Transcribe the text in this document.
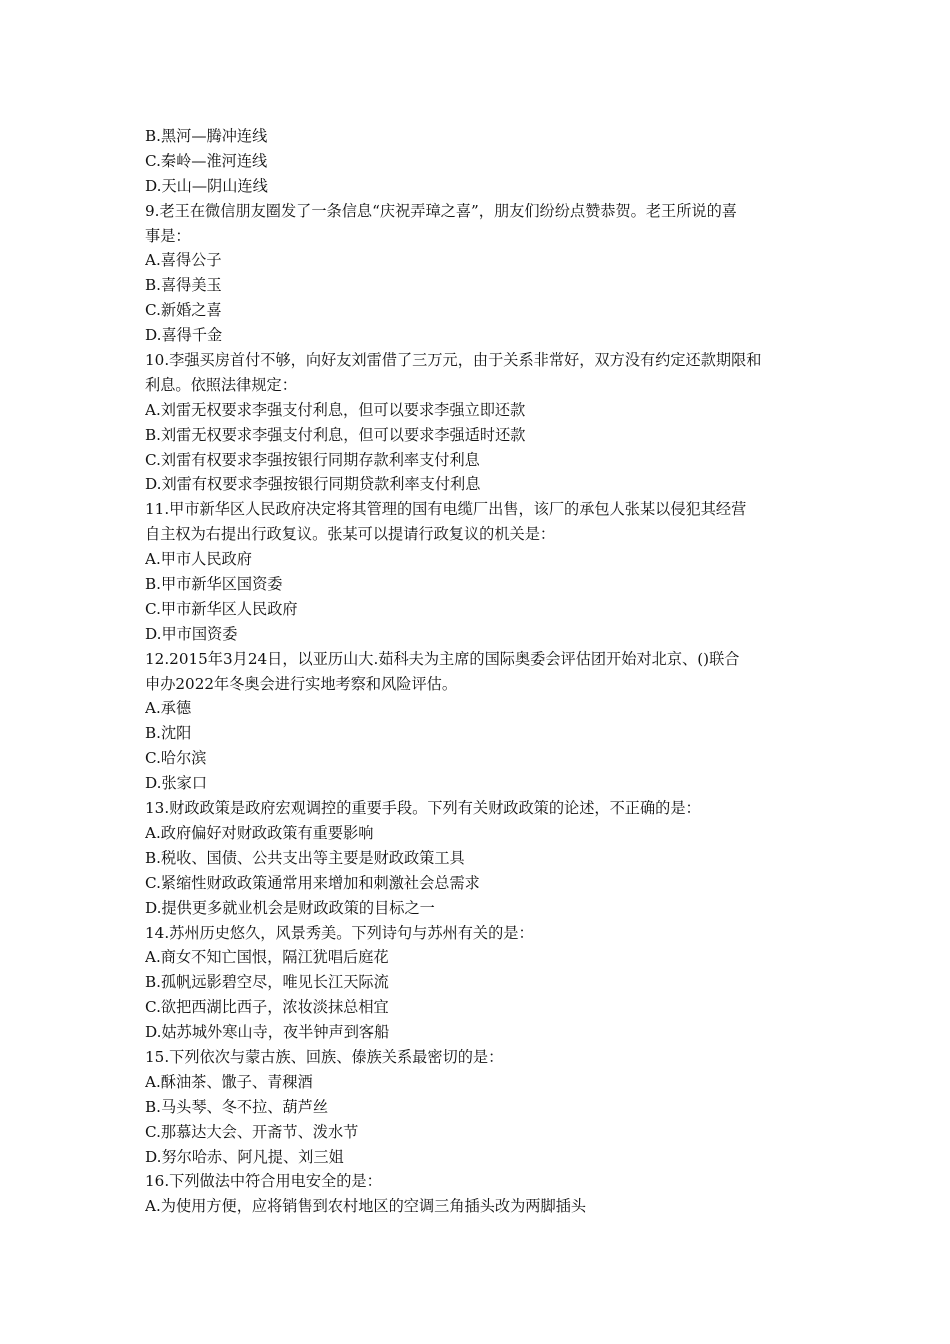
B.黑河—腾冲连线
C.秦岭—淮河连线
D.天山—阴山连线
9.老王在微信朋友圈发了一条信息“庆祝弄璋之喜”，朋友们纷纷点赞恭贺。老王所说的喜
事是：
A.喜得公子
B.喜得美玉
C.新婚之喜
D.喜得千金
10.李强买房首付不够，向好友刘雷借了三万元，由于关系非常好，双方没有约定还款期限和
利息。依照法律规定：
A.刘雷无权要求李强支付利息，但可以要求李强立即还款
B.刘雷无权要求李强支付利息，但可以要求李强适时还款
C.刘雷有权要求李强按银行同期存款利率支付利息
D.刘雷有权要求李强按银行同期贷款利率支付利息
11.甲市新华区人民政府决定将其管理的国有电缆厂出售，该厂的承包人张某以侵犯其经营
自主权为右提出行政复议。张某可以提请行政复议的机关是：
A.甲市人民政府
B.甲市新华区国资委
C.甲市新华区人民政府
D.甲市国资委
12.2015年3月24日，以亚历山大.茹科夫为主席的国际奥委会评估团开始对北京、()联合
申办2022年冬奥会进行实地考察和风险评估。
A.承德
B.沈阳
C.哈尔滨
D.张家口
13.财政政策是政府宏观调控的重要手段。下列有关财政政策的论述，不正确的是：
A.政府偏好对财政政策有重要影响
B.税收、国债、公共支出等主要是财政政策工具
C.紧缩性财政政策通常用来增加和刺激社会总需求
D.提供更多就业机会是财政政策的目标之一
14.苏州历史悠久，风景秀美。下列诗句与苏州有关的是：
A.商女不知亡国恨，隔江犹唱后庭花
B.孤帆远影碧空尽，唯见长江天际流
C.欲把西湖比西子，浓妆淡抹总相宜
D.姑苏城外寒山寺，夜半钟声到客船
15.下列依次与蒙古族、回族、傣族关系最密切的是：
A.酥油茶、馓子、青稞酒
B.马头琴、冬不拉、葫芦丝
C.那慕达大会、开斋节、泼水节
D.努尔哈赤、阿凡提、刘三姐
16.下列做法中符合用电安全的是：
A.为使用方便，应将销售到农村地区的空调三角插头改为两脚插头
